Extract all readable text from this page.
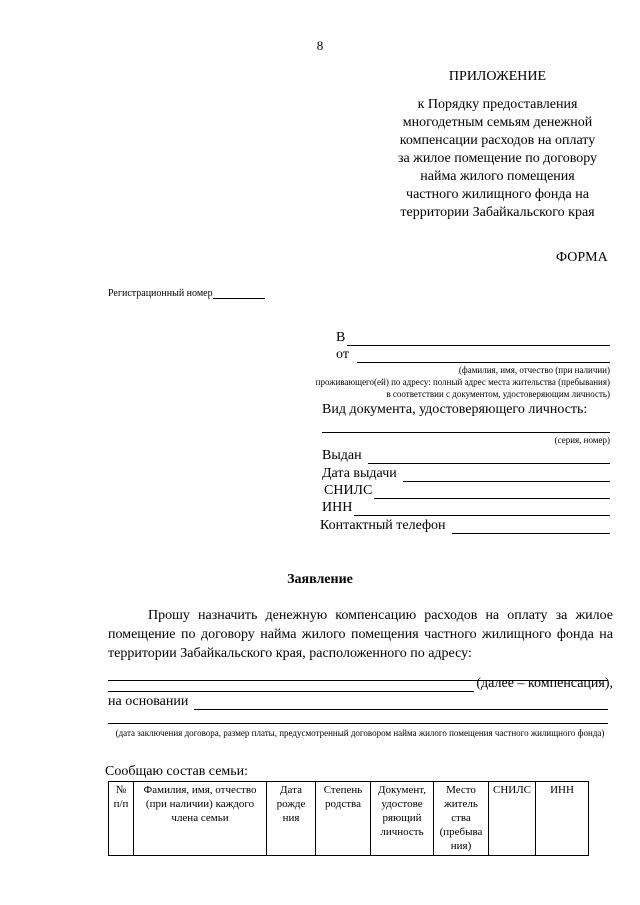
8
ПРИЛОЖЕНИЕ
к Порядку предоставления
многодетным семьям денежной
компенсации расходов на оплату
за жилое помещение по договору
найма жилого помещения
частного жилищного фонда на
территории Забайкальского края
ФОРМА
Регистрационный номер
В
от
(фамилия, имя, отчество (при наличии)
проживающего(ей) по адресу: полный адрес места жительства (пребывания)
в соответствии с документом, удостоверяющим личность)
Вид документа, удостоверяющего личность:
(серия, номер)
Выдан
Дата выдачи
СНИЛС
ИНН
Контактный телефон
Заявление
Прошу назначить денежную компенсацию расходов на оплату за жилое помещение по договору найма жилого помещения частного жилищного фонда на территории Забайкальского края, расположенного по адресу:
(далее – компенсация),
на основании
(дата заключения договора, размер платы, предусмотренный договором найма жилого помещения частного жилищного фонда)
Сообщаю состав семьи:
№ п/п	Фамилия, имя, отчество (при наличии) каждого члена семьи	Дата рожде ния	Степень родства	Документ, удостове ряющий личность	Место житель ства (пребыва ния)	СНИЛС	ИНН
